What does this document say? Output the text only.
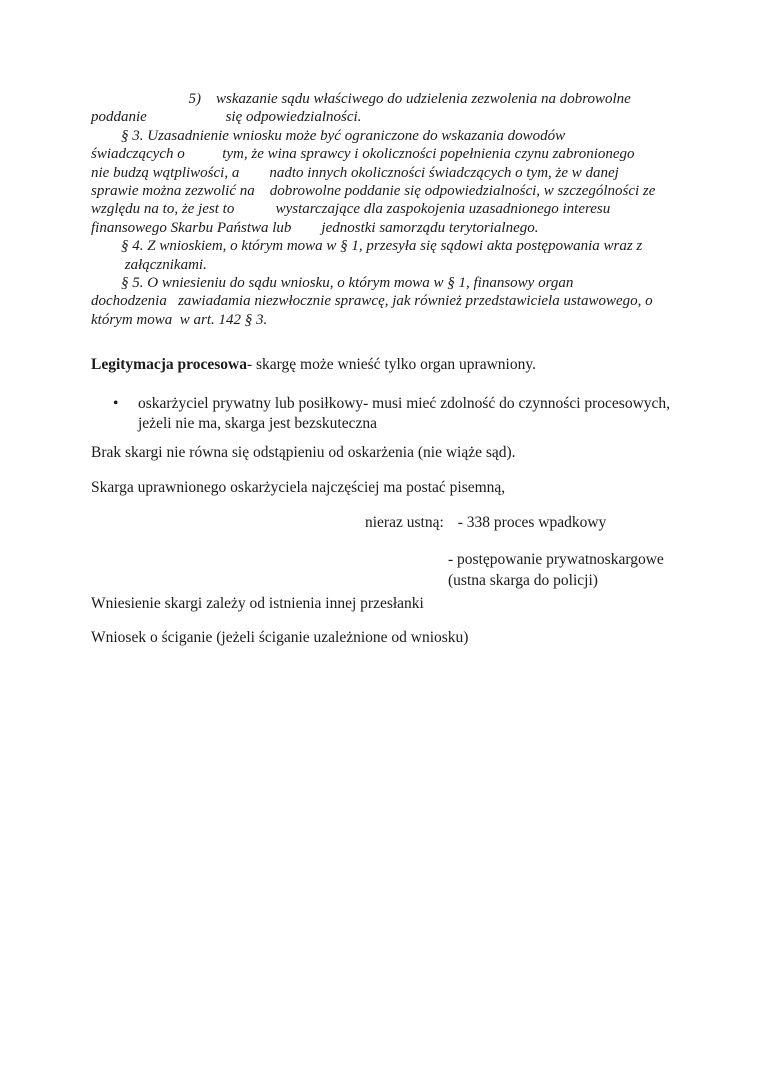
5)    wskazanie sądu właściwego do udzielenia zezwolenia na dobrowolne
poddanie                     się odpowiedzialności.
§ 3. Uzasadnienie wniosku może być ograniczone do wskazania dowodów
świadczących o          tym, że wina sprawcy i okoliczności popełnienia czynu zabronionego
nie budzą wątpliwości, a        nadto innych okoliczności świadczących o tym, że w danej
sprawie można zezwolić na    dobrowolne poddanie się odpowiedzialności, w szczególności ze
względu na to, że jest to           wystarczające dla zaspokojenia uzasadnionego interesu
finansowego Skarbu Państwa lub        jednostki samorządu terytorialnego.
§ 4. Z wnioskiem, o którym mowa w § 1, przesyła się sądowi akta postępowania wraz z
załącznikami.
§ 5. O wniesieniu do sądu wniosku, o którym mowa w § 1, finansowy organ
dochodzenia   zawiadamia niezwłocznie sprawcę, jak również przedstawiciela ustawowego, o
którym mowa  w art. 142 § 3.
Legitymacja procesowa- skargę może wnieść tylko organ uprawniony.
•	oskarżyciel prywatny lub posiłkowy- musi mieć zdolność do czynności procesowych, jeżeli nie ma, skarga jest bezskuteczna
Brak skargi nie równa się odstąpieniu od oskarżenia (nie wiąże sąd).
Skarga uprawnionego oskarżyciela najczęściej ma postać pisemną,
nieraz ustną: - 338 proces wpadkowy
- postępowanie prywatnoskargowe
(ustna skarga do policji)
Wniesienie skargi zależy od istnienia innej przesłanki
Wniosek o ściganie (jeżeli ściganie uzależnione od wniosku)
